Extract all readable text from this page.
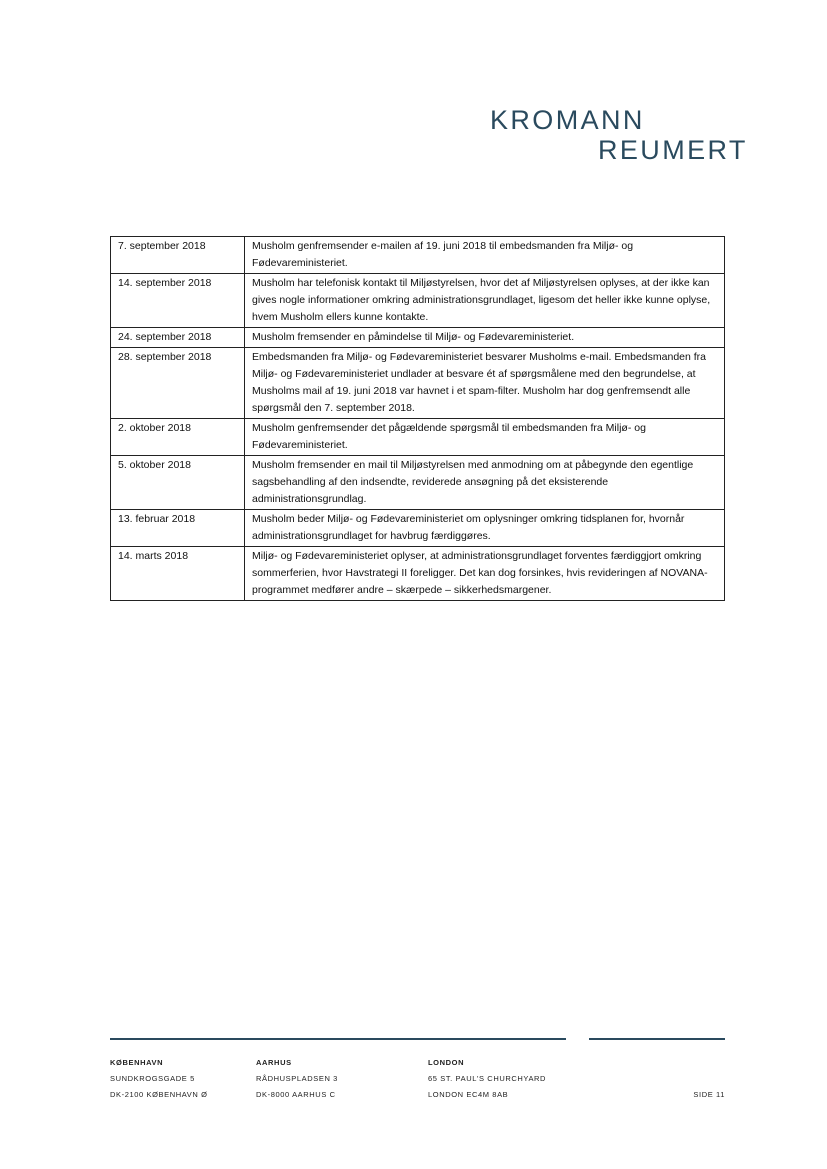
KROMANN
REUMERT
7. september 2018	Musholm genfremsender e-mailen af 19. juni 2018 til embedsmanden fra Miljø- og Fødevareministeriet.
14. september 2018	Musholm har telefonisk kontakt til Miljøstyrelsen, hvor det af Miljøstyrelsen oplyses, at der ikke kan gives nogle informationer omkring administrationsgrundlaget, ligesom det heller ikke kunne oplyse, hvem Musholm ellers kunne kontakte.
24. september 2018	Musholm fremsender en påmindelse til Miljø- og Fødevareministeriet.
28. september 2018	Embedsmanden fra Miljø- og Fødevareministeriet besvarer Musholms e-mail. Embedsmanden fra Miljø- og Fødevareministeriet undlader at besvare ét af spørgsmålene med den begrundelse, at Musholms mail af 19. juni 2018 var havnet i et spam-filter. Musholm har dog genfremsendt alle spørgsmål den 7. september 2018.
2. oktober 2018	Musholm genfremsender det pågældende spørgsmål til embedsmanden fra Miljø- og Fødevareministeriet.
5. oktober 2018	Musholm fremsender en mail til Miljøstyrelsen med anmodning om at påbegynde den egentlige sagsbehandling af den indsendte, reviderede ansøgning på det eksisterende administrationsgrundlag.
13. februar 2018	Musholm beder Miljø- og Fødevareministeriet om oplysninger omkring tidsplanen for, hvornår administrationsgrundlaget for havbrug færdiggøres.
14. marts 2018	Miljø- og Fødevareministeriet oplyser, at administrationsgrundlaget forventes færdiggjort omkring sommerferien, hvor Havstrategi II foreligger. Det kan dog forsinkes, hvis revideringen af NOVANA-programmet medfører andre – skærpede – sikkerhedsmargener.
KØBENHAVN
SUNDKROGSGADE 5
DK-2100 KØBENHAVN Ø
AARHUS
RÅDHUSPLADSEN 3
DK-8000 AARHUS C
LONDON
65 ST. PAUL'S CHURCHYARD
LONDON EC4M 8AB	SIDE 11
